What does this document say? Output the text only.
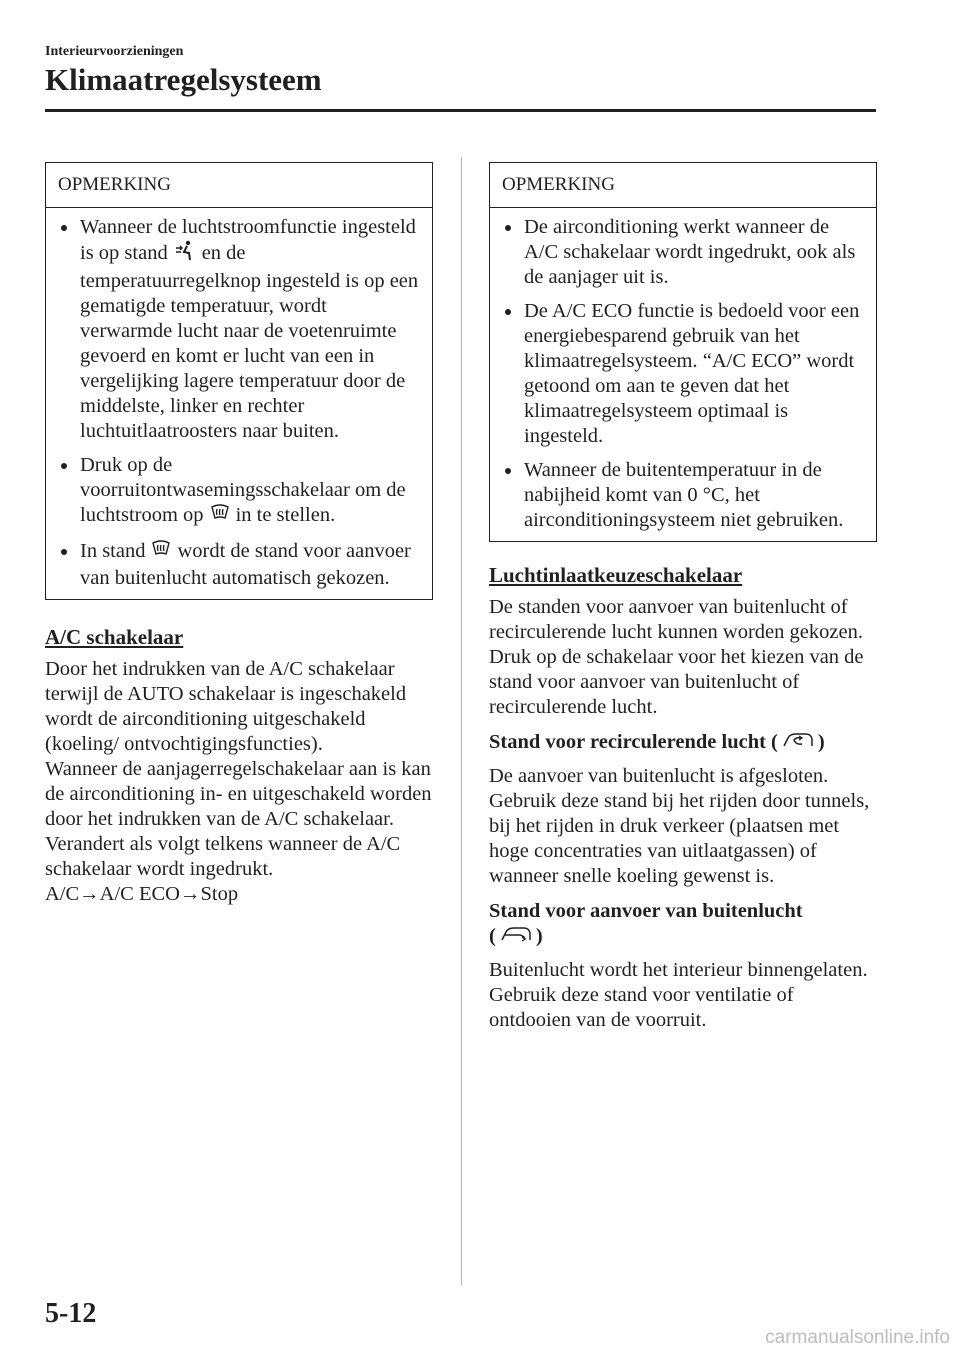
Interieurvoorzieningen
Klimaatregelsysteem
OPMERKING
Wanneer de luchtstroomfunctie ingesteld is op stand en de temperatuurregelknop ingesteld is op een gematigde temperatuur, wordt verwarmde lucht naar de voetenruimte gevoerd en komt er lucht van een in vergelijking lagere temperatuur door de middelste, linker en rechter luchtuitlaatroosters naar buiten.
Druk op de voorruitontwasemingsschakelaar om de luchtstroom op in te stellen.
In stand wordt de stand voor aanvoer van buitenlucht automatisch gekozen.
A/C schakelaar

Door het indrukken van de A/C schakelaar terwijl de AUTO schakelaar is ingeschakeld wordt de airconditioning uitgeschakeld (koeling/ ontvochtigingsfuncties).

Wanneer de aanjagerregelschakelaar aan is kan de airconditioning in- en uitgeschakeld worden door het indrukken van de A/C schakelaar.

Verandert als volgt telkens wanneer de A/C schakelaar wordt ingedrukt.

A/C→A/C ECO→Stop

OPMERKING
De airconditioning werkt wanneer de A/C schakelaar wordt ingedrukt, ook als de aanjager uit is.
De A/C ECO functie is bedoeld voor een energiebesparend gebruik van het klimaatregelsysteem. “A/C ECO” wordt getoond om aan te geven dat het klimaatregelsysteem optimaal is ingesteld.
Wanneer de buitentemperatuur in de nabijheid komt van 0 °C, het airconditioningsysteem niet gebruiken.
Luchtinlaatkeuzeschakelaar

De standen voor aanvoer van buitenlucht of recirculerende lucht kunnen worden gekozen. Druk op de schakelaar voor het kiezen van de stand voor aanvoer van buitenlucht of recirculerende lucht.

Stand voor recirculerende lucht ( )

De aanvoer van buitenlucht is afgesloten. Gebruik deze stand bij het rijden door tunnels, bij het rijden in druk verkeer (plaatsen met hoge concentraties van uitlaatgassen) of wanneer snelle koeling gewenst is.

Stand voor aanvoer van buitenlucht
( )

Buitenlucht wordt het interieur binnengelaten. Gebruik deze stand voor ventilatie of ontdooien van de voorruit.

5-12
carmanualsonline.info
